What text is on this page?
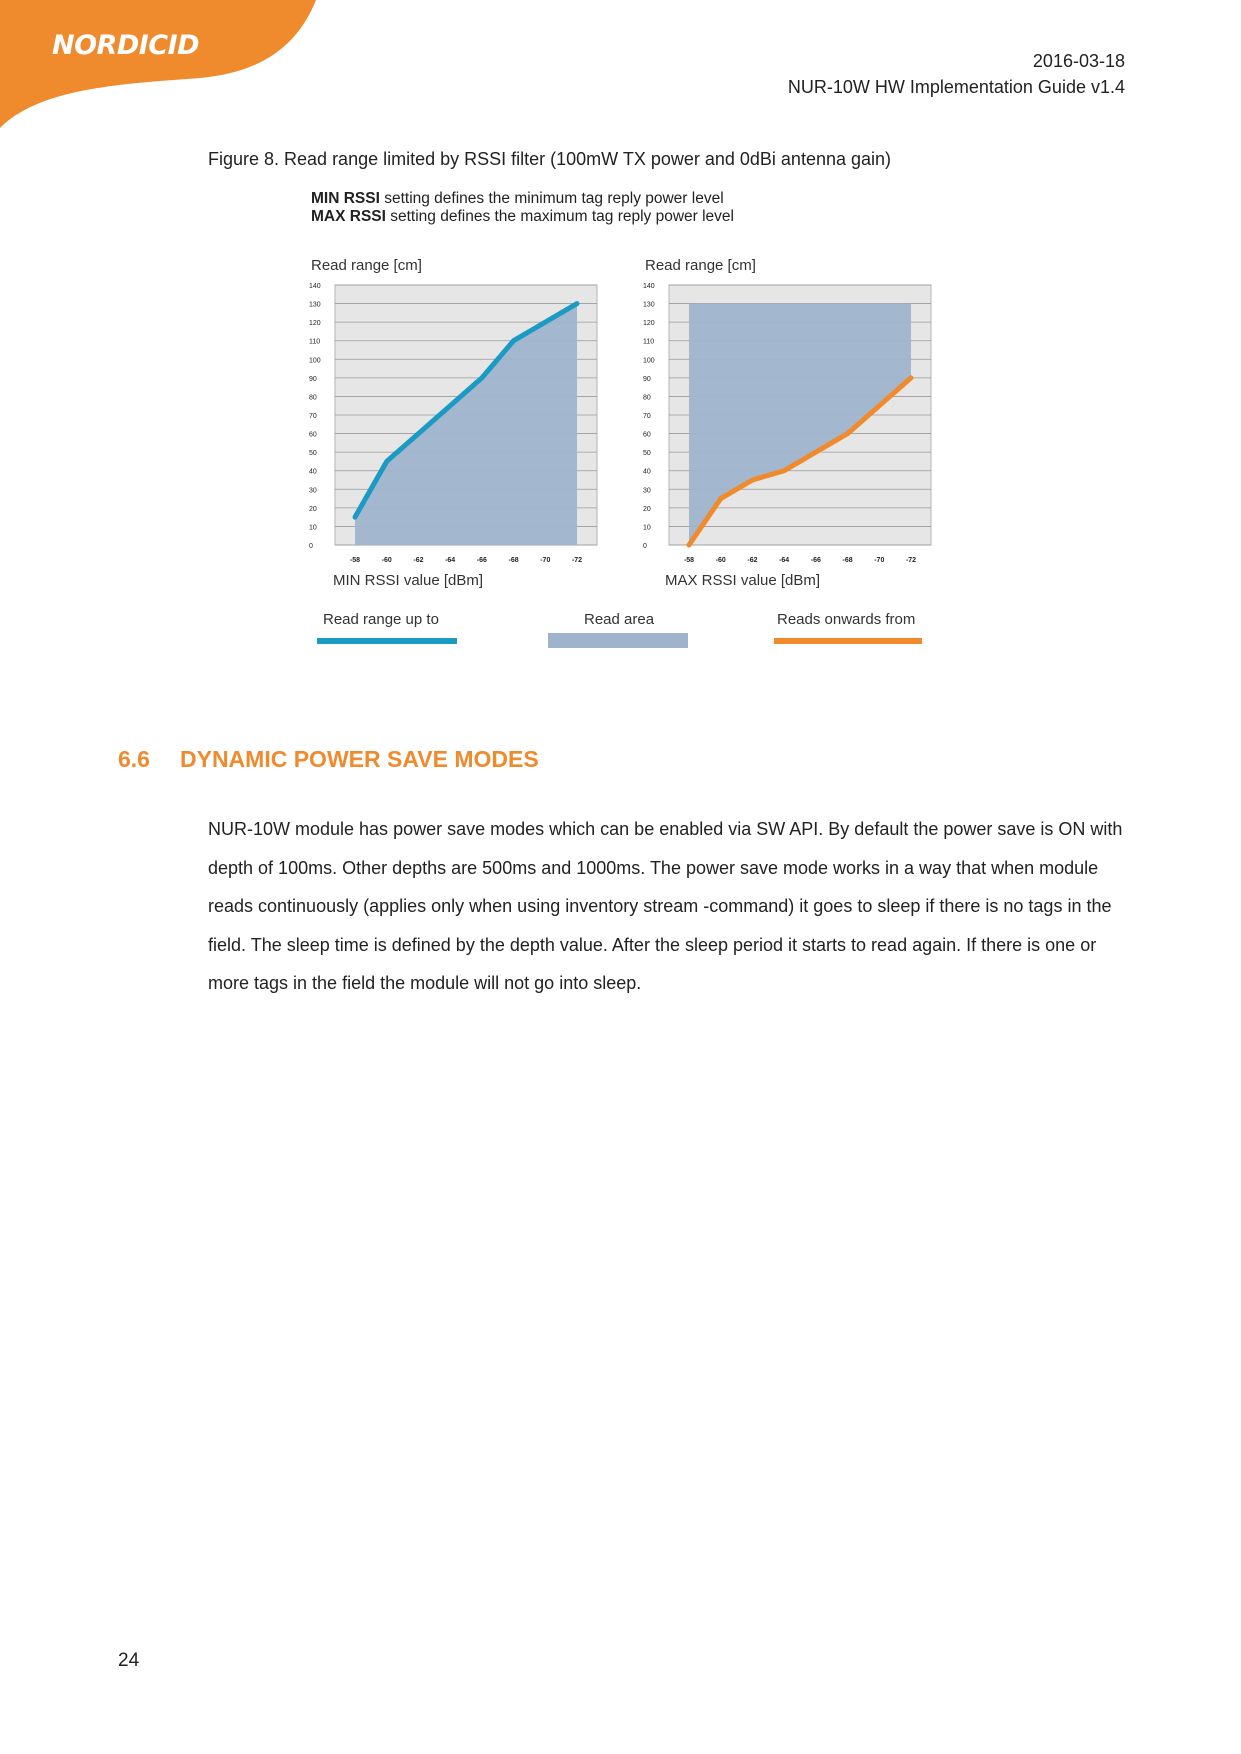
NORDICID	2016-03-18
NUR-10W HW Implementation Guide v1.4
Figure 8. Read range limited by RSSI filter (100mW TX power and 0dBi antenna gain)
MIN RSSI setting defines the minimum tag reply power level
MAX RSSI setting defines the maximum tag reply power level
Read range [cm]	Read range [cm]
0
10
20
30
40
50
60
70
80
90
100
110
120
130
140
-58	-60	-62	-64	-66	-68	-70	-72
0
10
20
30
40
50
60
70
80
90
100
110
120
130
140
-58	-60	-62	-64	-66	-68	-70	-72
MIN RSSI value [dBm]	MAX RSSI value [dBm]
Read range up to	Read area	Reads onwards from
6.6 DYNAMIC POWER SAVE MODES
NUR-10W module has power save modes which can be enabled via SW API. By default the power save is ON with depth of 100ms. Other depths are 500ms and 1000ms. The power save mode works in a way that when module reads continuously (applies only when using inventory stream -command) it goes to sleep if there is no tags in the field. The sleep time is defined by the depth value. After the sleep period it starts to read again. If there is one or more tags in the field the module will not go into sleep.
24
